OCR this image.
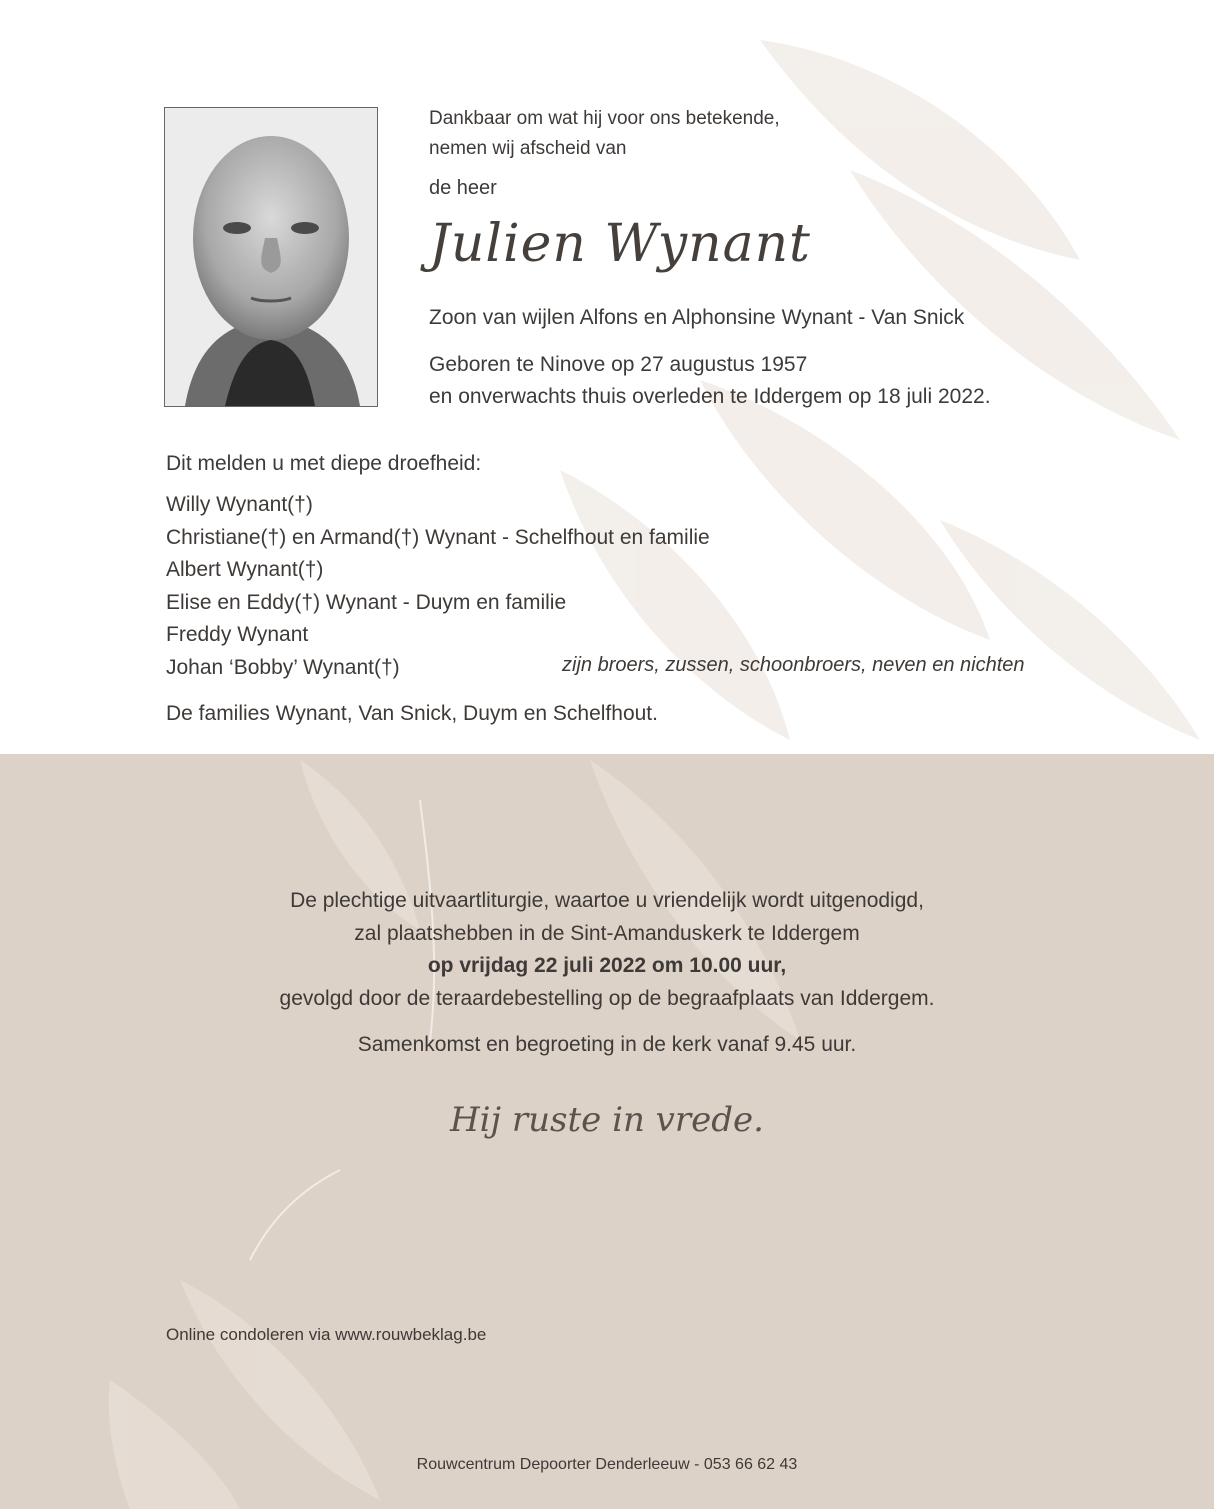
Dankbaar om wat hij voor ons betekende,
nemen wij afscheid van
de heer
Julien Wynant
Zoon van wijlen Alfons en Alphonsine Wynant - Van Snick
Geboren te Ninove op 27 augustus 1957
en onverwachts thuis overleden te Iddergem op 18 juli 2022.
Dit melden u met diepe droefheid:
Willy Wynant(†)
Christiane(†) en Armand(†) Wynant - Schelfhout en familie
Albert Wynant(†)
Elise en Eddy(†) Wynant - Duym en familie
Freddy Wynant
Johan ‘Bobby’ Wynant(†)	zijn broers, zussen, schoonbroers, neven en nichten
De families Wynant, Van Snick, Duym en Schelfhout.
De plechtige uitvaartliturgie, waartoe u vriendelijk wordt uitgenodigd,
zal plaatshebben in de Sint-Amanduskerk te Iddergem
op vrijdag 22 juli 2022 om 10.00 uur,
gevolgd door de teraardebestelling op de begraafplaats van Iddergem.
Samenkomst en begroeting in de kerk vanaf 9.45 uur.
Hij ruste in vrede.
Online condoleren via www.rouwbeklag.be
Rouwcentrum Depoorter Denderleeuw - 053 66 62 43
